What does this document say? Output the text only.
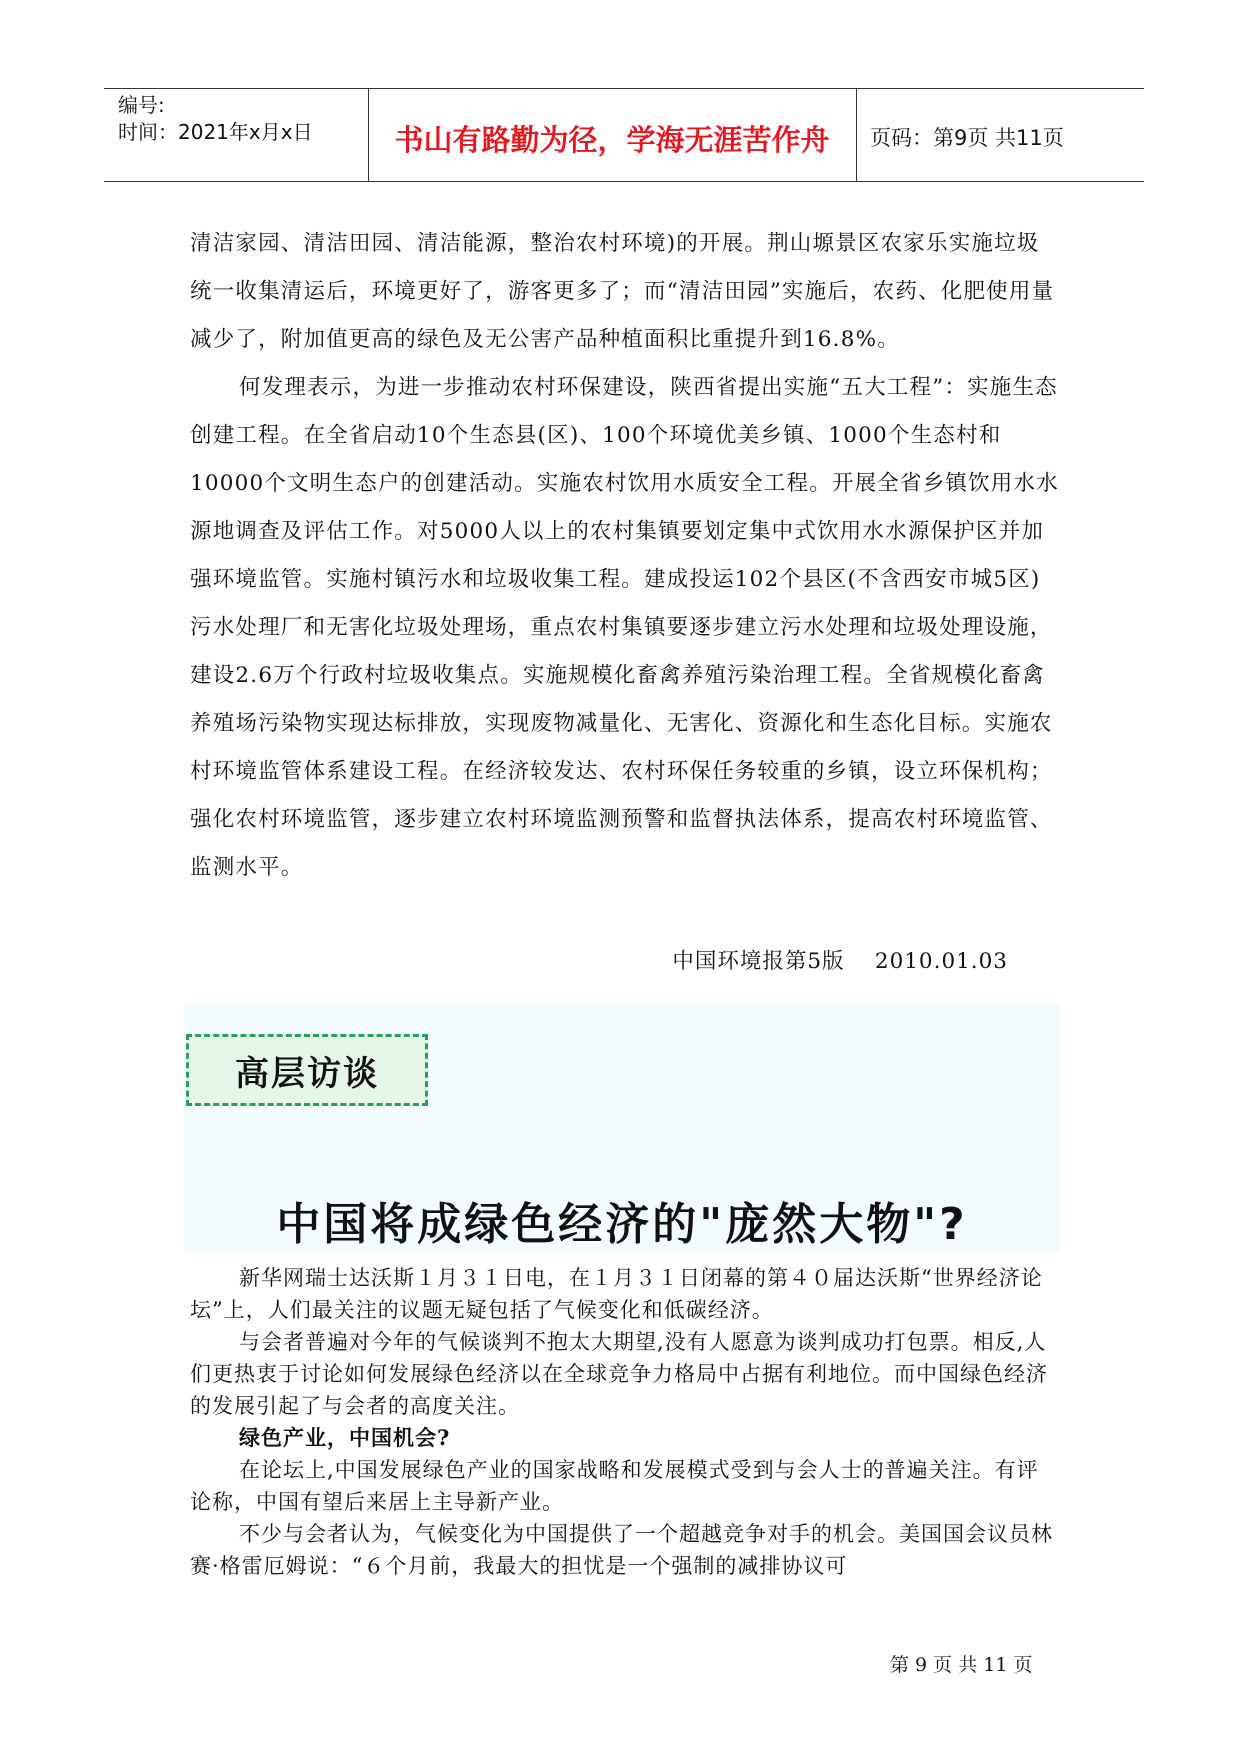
编号:
时间：2021年x月x日	书山有路勤为径，学海无涯苦作舟	页码：第9页 共11页

清洁家园、清洁田园、清洁能源，整治农村环境)的开展。荆山塬景区农家乐实施垃圾统一收集清运后，环境更好了，游客更多了；而“清洁田园”实施后，农药、化肥使用量减少了，附加值更高的绿色及无公害产品种植面积比重提升到16.8%。

何发理表示，为进一步推动农村环保建设，陕西省提出实施“五大工程”：实施生态创建工程。在全省启动10个生态县(区)、100个环境优美乡镇、1000个生态村和10000个文明生态户的创建活动。实施农村饮用水质安全工程。开展全省乡镇饮用水水源地调查及评估工作。对5000人以上的农村集镇要划定集中式饮用水水源保护区并加强环境监管。实施村镇污水和垃圾收集工程。建成投运102个县区(不含西安市城5区)污水处理厂和无害化垃圾处理场，重点农村集镇要逐步建立污水处理和垃圾处理设施，建设2.6万个行政村垃圾收集点。实施规模化畜禽养殖污染治理工程。全省规模化畜禽养殖场污染物实现达标排放，实现废物减量化、无害化、资源化和生态化目标。实施农村环境监管体系建设工程。在经济较发达、农村环保任务较重的乡镇，设立环保机构；强化农村环境监管，逐步建立农村环境监测预警和监督执法体系，提高农村环境监管、监测水平。

中国环境报第5版　 2010.01.03
高层访谈
中国将成绿色经济的"庞然大物"?

新华网瑞士达沃斯１月３１日电，在１月３１日闭幕的第４０届达沃斯“世界经济论坛”上，人们最关注的议题无疑包括了气候变化和低碳经济。

与会者普遍对今年的气候谈判不抱太大期望,没有人愿意为谈判成功打包票。相反,人们更热衷于讨论如何发展绿色经济以在全球竞争力格局中占据有利地位。而中国绿色经济的发展引起了与会者的高度关注。

绿色产业，中国机会?

在论坛上,中国发展绿色产业的国家战略和发展模式受到与会人士的普遍关注。有评论称，中国有望后来居上主导新产业。

不少与会者认为，气候变化为中国提供了一个超越竞争对手的机会。美国国会议员林赛·格雷厄姆说：“６个月前，我最大的担忧是一个强制的减排协议可

第 9 页 共 11 页
